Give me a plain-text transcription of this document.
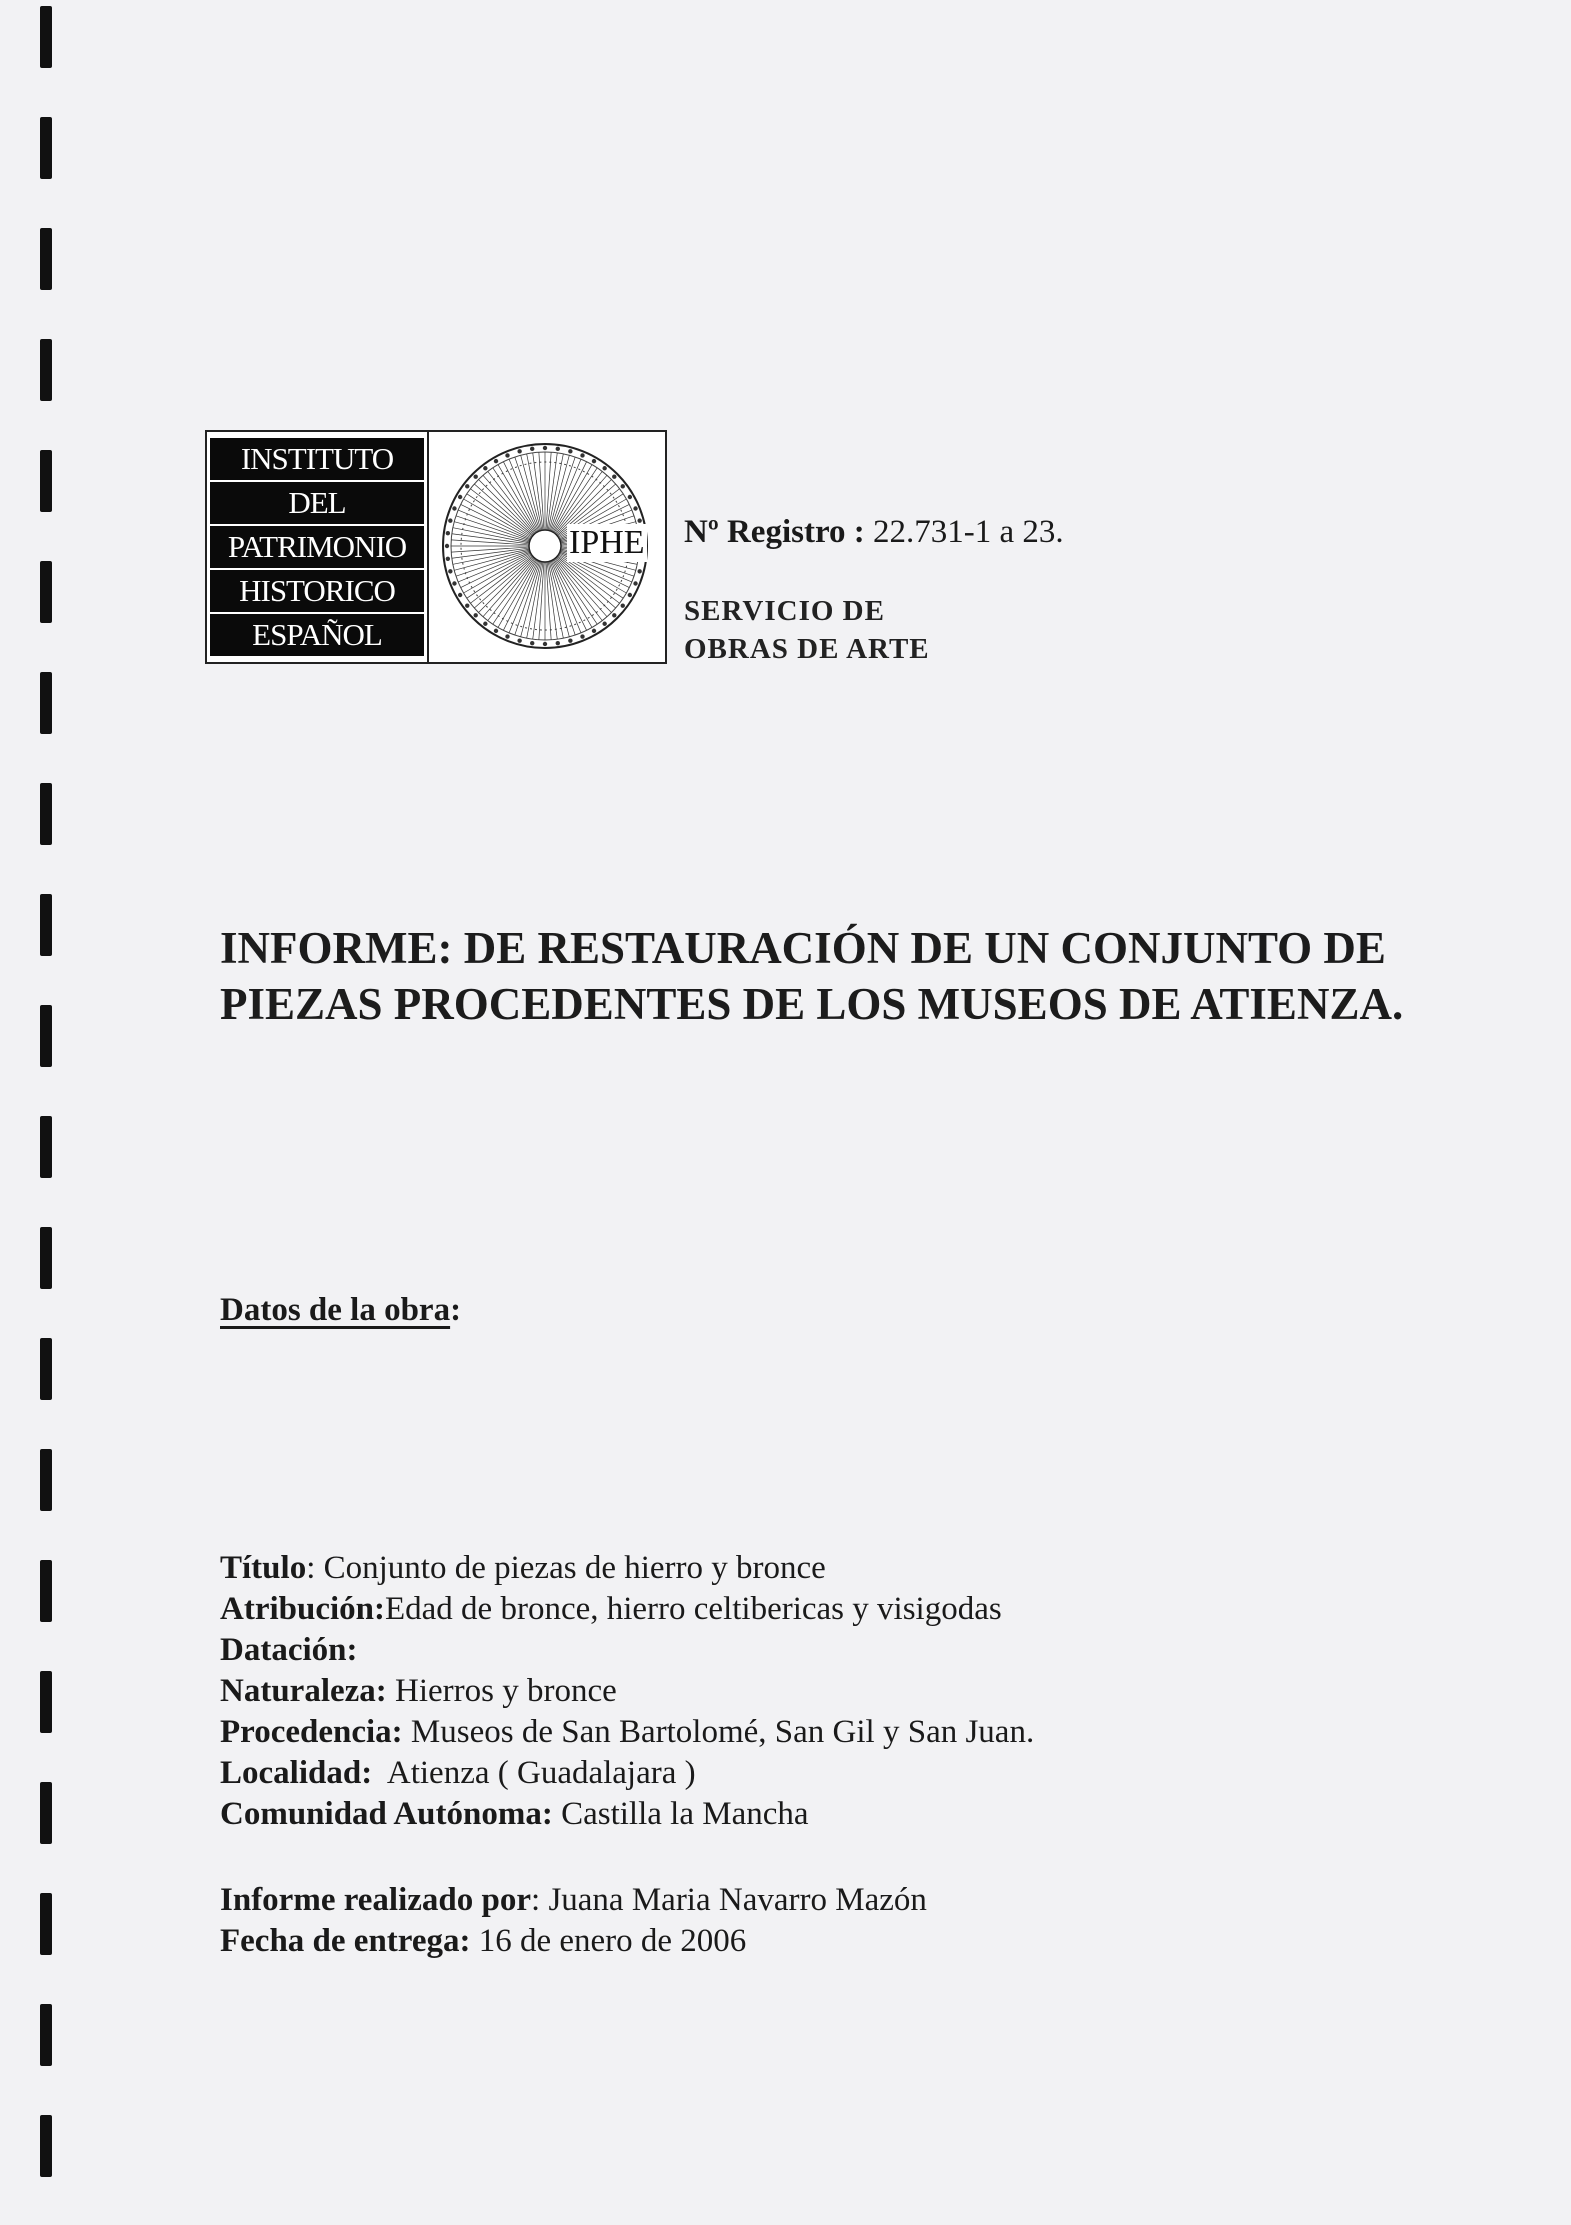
INSTITUTO
DEL
PATRIMONIO
HISTORICO
ESPAÑOL
IPHE Nº Registro : 22.731-1 a 23.
SERVICIO DE
OBRAS DE ARTE
INFORME: DE RESTAURACIÓN DE UN CONJUNTO DE
PIEZAS PROCEDENTES DE LOS MUSEOS DE ATIENZA.
Datos de la obra:
Título: Conjunto de piezas de hierro y bronce
Atribución:Edad de bronce, hierro celtibericas y visigodas
Datación:
Naturaleza: Hierros y bronce
Procedencia: Museos de San Bartolomé, San Gil y San Juan.
Localidad: Atienza ( Guadalajara )
Comunidad Autónoma: Castilla la Mancha
Informe realizado por: Juana Maria Navarro Mazón
Fecha de entrega: 16 de enero de 2006
